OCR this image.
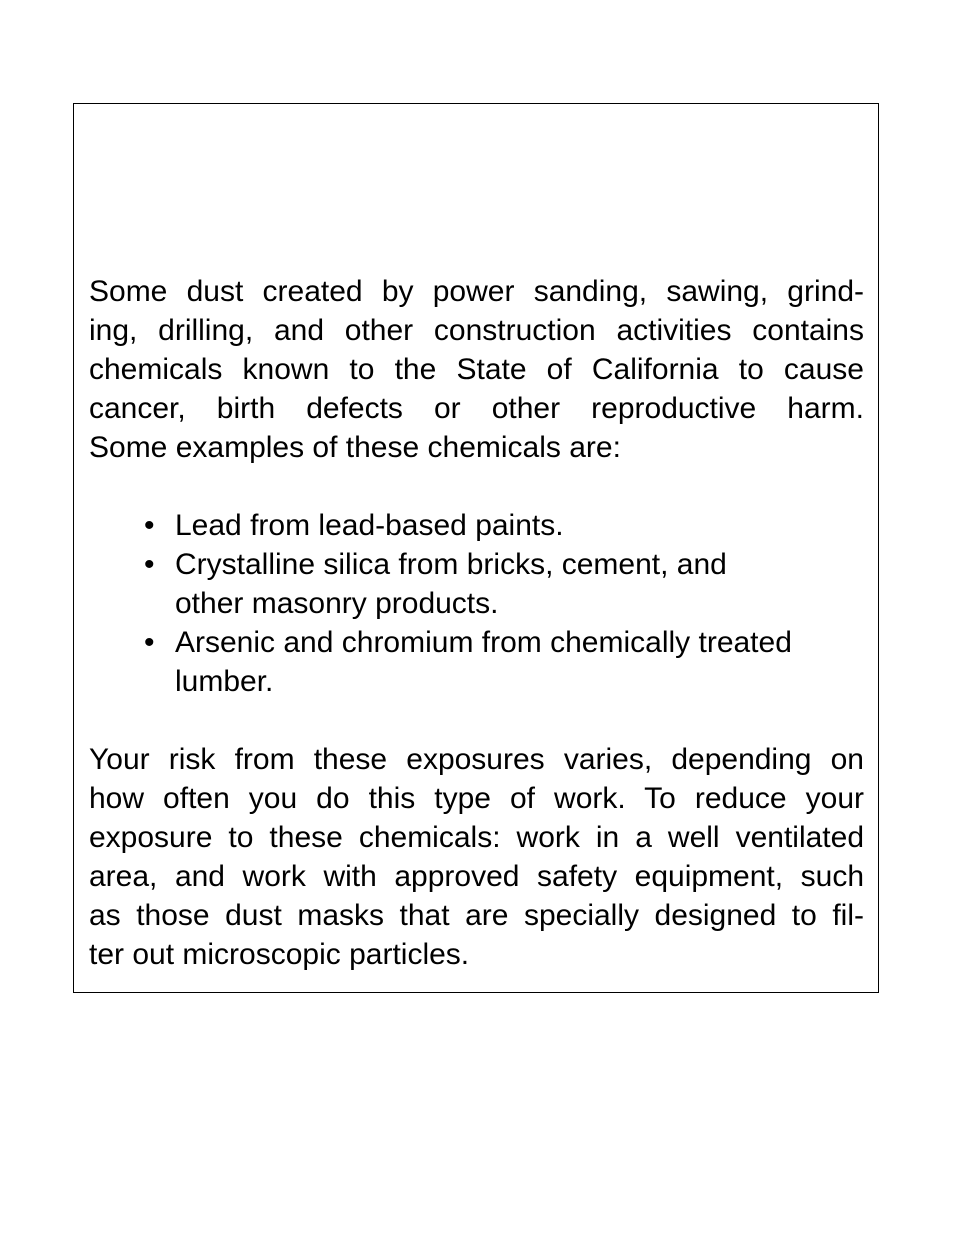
Some dust created by power sanding, sawing, grind-
ing, drilling, and other construction activities contains
chemicals known to the State of California to cause
cancer, birth defects or other reproductive harm.
Some examples of these chemicals are:

• Lead from lead-based paints.
• Crystalline silica from bricks, cement, and
other masonry products.
• Arsenic and chromium from chemically treated
lumber.

Your risk from these exposures varies, depending on
how often you do this type of work. To reduce your
exposure to these chemicals: work in a well ventilated
area, and work with approved safety equipment, such
as those dust masks that are specially designed to fil-
ter out microscopic particles.
